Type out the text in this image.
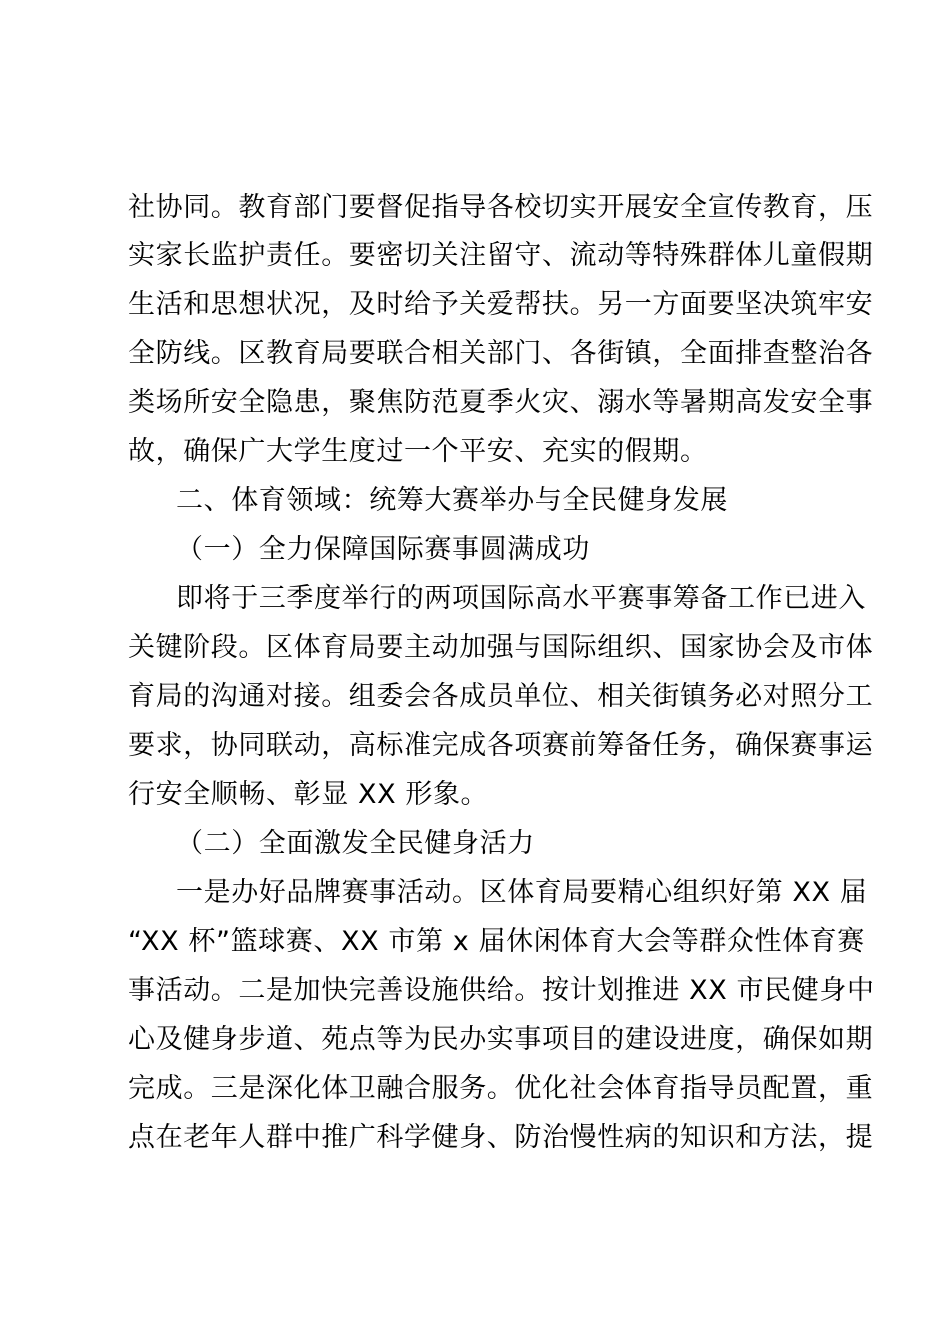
社协同。教育部门要督促指导各校切实开展安全宣传教育，压
实家长监护责任。要密切关注留守、流动等特殊群体儿童假期
生活和思想状况，及时给予关爱帮扶。另一方面要坚决筑牢安
全防线。区教育局要联合相关部门、各街镇，全面排查整治各
类场所安全隐患，聚焦防范夏季火灾、溺水等暑期高发安全事
故，确保广大学生度过一个平安、充实的假期。
二、体育领域：统筹大赛举办与全民健身发展
（一）全力保障国际赛事圆满成功
即将于三季度举行的两项国际高水平赛事筹备工作已进入
关键阶段。区体育局要主动加强与国际组织、国家协会及市体
育局的沟通对接。组委会各成员单位、相关街镇务必对照分工
要求，协同联动，高标准完成各项赛前筹备任务，确保赛事运
行安全顺畅、彰显 XX 形象。
（二）全面激发全民健身活力
一是办好品牌赛事活动。区体育局要精心组织好第 XX 届
“XX 杯”篮球赛、XX 市第 x 届休闲体育大会等群众性体育赛
事活动。二是加快完善设施供给。按计划推进 XX 市民健身中
心及健身步道、苑点等为民办实事项目的建设进度，确保如期
完成。三是深化体卫融合服务。优化社会体育指导员配置，重
点在老年人群中推广科学健身、防治慢性病的知识和方法，提
